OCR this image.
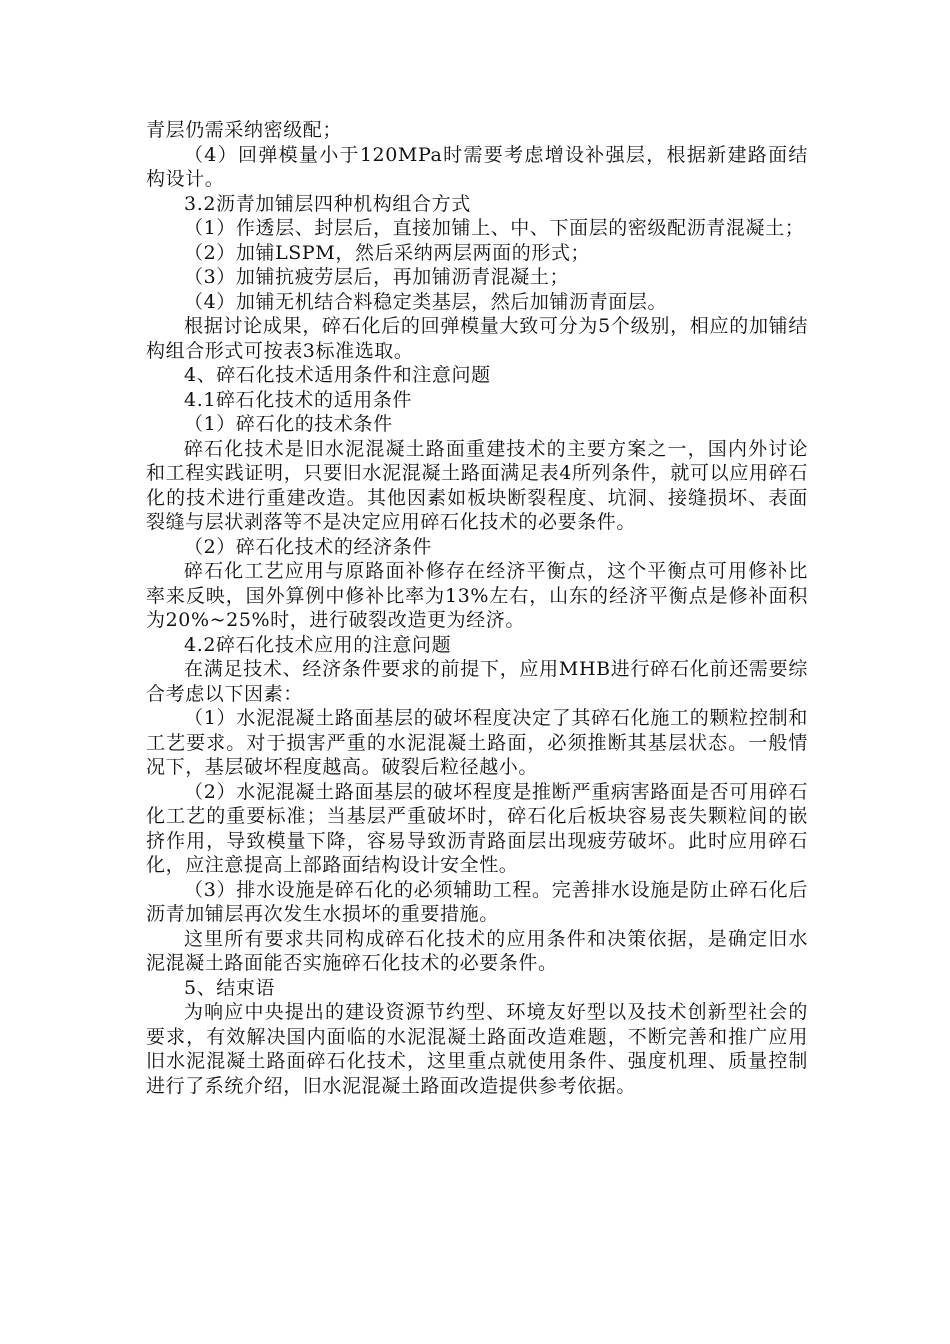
青层仍需采纳密级配；

（4）回弹模量小于120MPa时需要考虑增设补强层，根据新建路面结构设计。

3.2沥青加铺层四种机构组合方式

（1）作透层、封层后，直接加铺上、中、下面层的密级配沥青混凝土；

（2）加铺LSPM，然后采纳两层两面的形式；

（3）加铺抗疲劳层后，再加铺沥青混凝土；

（4）加铺无机结合料稳定类基层，然后加铺沥青面层。

根据讨论成果，碎石化后的回弹模量大致可分为5个级别，相应的加铺结构组合形式可按表3标准选取。

4、碎石化技术适用条件和注意问题

4.1碎石化技术的适用条件

（1）碎石化的技术条件

碎石化技术是旧水泥混凝土路面重建技术的主要方案之一，国内外讨论和工程实践证明，只要旧水泥混凝土路面满足表4所列条件，就可以应用碎石化的技术进行重建改造。其他因素如板块断裂程度、坑洞、接缝损坏、表面裂缝与层状剥落等不是决定应用碎石化技术的必要条件。

（2）碎石化技术的经济条件

碎石化工艺应用与原路面补修存在经济平衡点，这个平衡点可用修补比率来反映，国外算例中修补比率为13%左右，山东的经济平衡点是修补面积为20%~25%时，进行破裂改造更为经济。

4.2碎石化技术应用的注意问题

在满足技术、经济条件要求的前提下，应用MHB进行碎石化前还需要综合考虑以下因素：

（1）水泥混凝土路面基层的破坏程度决定了其碎石化施工的颗粒控制和工艺要求。对于损害严重的水泥混凝土路面，必须推断其基层状态。一般情况下，基层破坏程度越高。破裂后粒径越小。

（2）水泥混凝土路面基层的破坏程度是推断严重病害路面是否可用碎石化工艺的重要标准；当基层严重破坏时，碎石化后板块容易丧失颗粒间的嵌挤作用，导致模量下降，容易导致沥青路面层出现疲劳破坏。此时应用碎石化，应注意提高上部路面结构设计安全性。

（3）排水设施是碎石化的必须辅助工程。完善排水设施是防止碎石化后沥青加铺层再次发生水损坏的重要措施。

这里所有要求共同构成碎石化技术的应用条件和决策依据，是确定旧水泥混凝土路面能否实施碎石化技术的必要条件。

5、结束语

为响应中央提出的建设资源节约型、环境友好型以及技术创新型社会的要求，有效解决国内面临的水泥混凝土路面改造难题，不断完善和推广应用旧水泥混凝土路面碎石化技术，这里重点就使用条件、强度机理、质量控制进行了系统介绍，旧水泥混凝土路面改造提供参考依据。
